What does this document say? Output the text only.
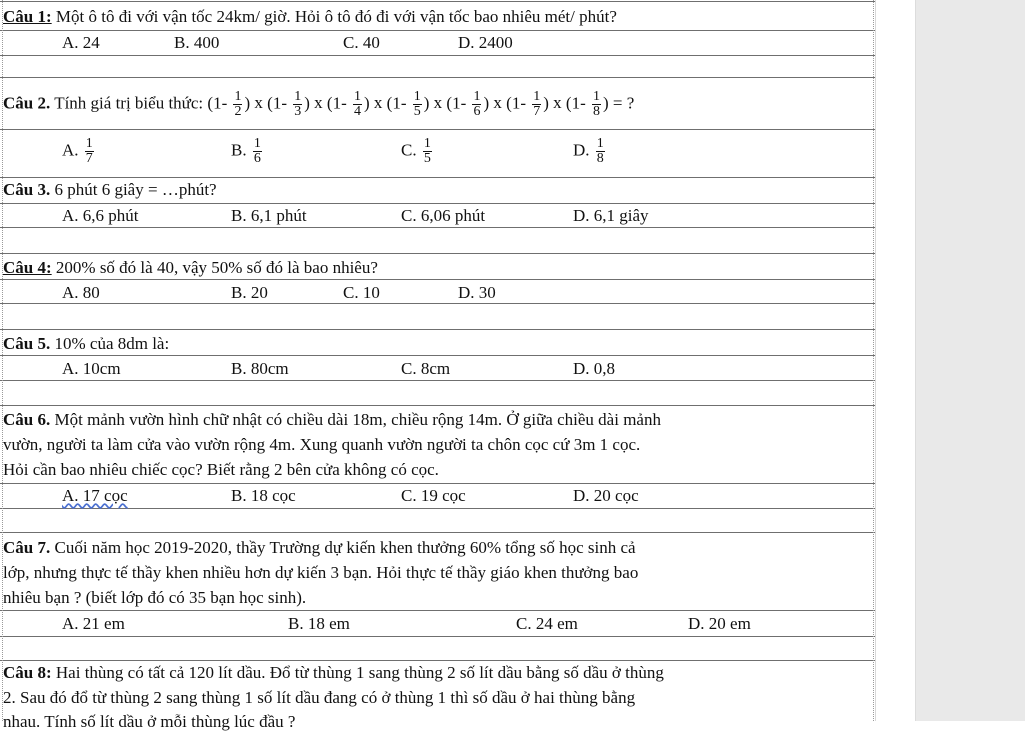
Câu 1: Một ô tô đi với vận tốc 24km/ giờ. Hỏi ô tô đó đi với vận tốc bao nhiêu mét/ phút?
A. 24	B. 400	C. 40	D. 2400
Câu 2. Tính giá trị biểu thức: ($1- \frac{1}{2}$ ) x ($1- \frac{1}{3}$ ) x ($1- \frac{1}{4}$ ) x ($1- \frac{1}{5}$ ) x ($1- \frac{1}{6}$ ) x ($1- \frac{1}{7}$ ) x ($1- \frac{1}{8}$ ) = ?
A. $\frac{1}{7}$	B. $\frac{1}{6}$	C. $\frac{1}{5}$	D. $\frac{1}{8}$
Câu 3. 6 phút 6 giây = …phút?
A. 6,6 phút	B. 6,1 phút	C. 6,06 phút	D. 6,1 giây
Câu 4: 200% số đó là 40, vậy 50% số đó là bao nhiêu?
A. 80	B. 20	C. 10	D. 30
Câu 5. 10% của 8dm là:
A. 10cm	B. 80cm	C. 8cm	D. 0,8
Câu 6. Một mảnh vườn hình chữ nhật có chiều dài 18m, chiều rộng 14m. Ở giữa chiều dài mảnh
vườn, người ta làm cửa vào vườn rộng 4m. Xung quanh vườn người ta chôn cọc cứ 3m 1 cọc.
Hỏi cần bao nhiêu chiếc cọc? Biết rằng 2 bên cửa không có cọc.
A. 17 cọc	B. 18 cọc	C. 19 cọc	D. 20 cọc
Câu 7. Cuối năm học 2019-2020, thầy Trường dự kiến khen thưởng 60% tổng số học sinh cả
lớp, nhưng thực tế thầy khen nhiều hơn dự kiến 3 bạn. Hỏi thực tế thầy giáo khen thưởng bao
nhiêu bạn ? (biết lớp đó có 35 bạn học sinh).
A. 21 em	B. 18 em	C. 24 em	D. 20 em
Câu 8: Hai thùng có tất cả 120 lít dầu. Đổ từ thùng 1 sang thùng 2 số lít dầu bằng số dầu ở thùng
2. Sau đó đổ từ thùng 2 sang thùng 1 số lít dầu đang có ở thùng 1 thì số dầu ở hai thùng bằng
nhau. Tính số lít dầu ở mỗi thùng lúc đầu ?
